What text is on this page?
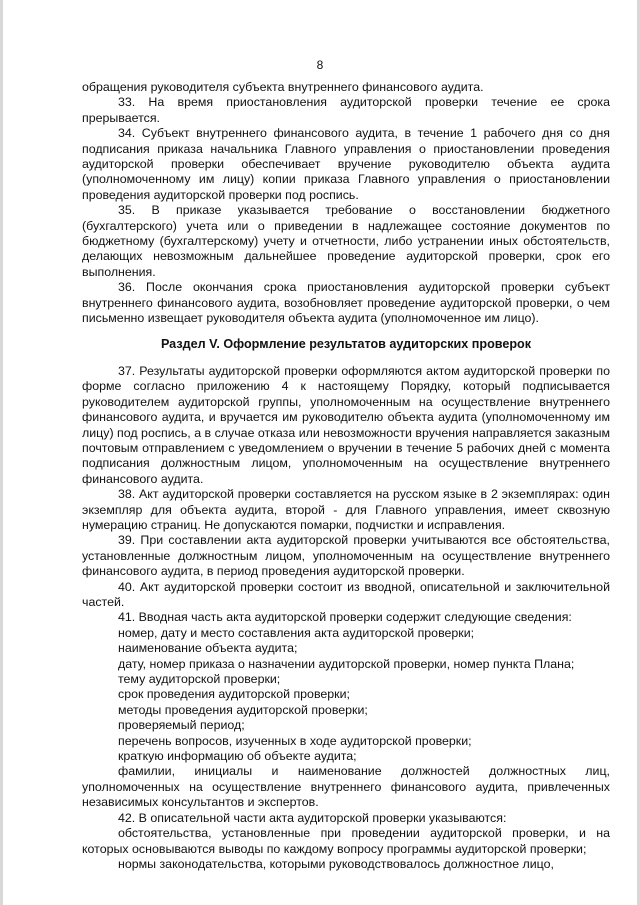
8

обращения руководителя субъекта внутреннего финансового аудита.

33. На время приостановления аудиторской проверки течение ее срока прерывается.

34. Субъект внутреннего финансового аудита, в течение 1 рабочего дня со дня подписания приказа начальника Главного управления о приостановлении проведения аудиторской проверки обеспечивает вручение руководителю объекта аудита (уполномоченному им лицу) копии приказа Главного управления о приостановлении проведения аудиторской проверки под роспись.

35. В приказе указывается требование о восстановлении бюджетного (бухгалтерского) учета или о приведении в надлежащее состояние документов по бюджетному (бухгалтерскому) учету и отчетности, либо устранении иных обстоятельств, делающих невозможным дальнейшее проведение аудиторской проверки, срок его выполнения.

36. После окончания срока приостановления аудиторской проверки субъект внутреннего финансового аудита, возобновляет проведение аудиторской проверки, о чем письменно извещает руководителя объекта аудита (уполномоченное им лицо).

Раздел V. Оформление результатов аудиторских проверок

37. Результаты аудиторской проверки оформляются актом аудиторской проверки по форме согласно приложению 4 к настоящему Порядку, который подписывается руководителем аудиторской группы, уполномоченным на осуществление внутреннего финансового аудита, и вручается им руководителю объекта аудита (уполномоченному им лицу) под роспись, а в случае отказа или невозможности вручения направляется заказным почтовым отправлением с уведомлением о вручении в течение 5 рабочих дней с момента подписания должностным лицом, уполномоченным на осуществление внутреннего финансового аудита.

38. Акт аудиторской проверки составляется на русском языке в 2 экземплярах: один экземпляр для объекта аудита, второй - для Главного управления, имеет сквозную нумерацию страниц. Не допускаются помарки, подчистки и исправления.

39. При составлении акта аудиторской проверки учитываются все обстоятельства, установленные должностным лицом, уполномоченным на осуществление внутреннего финансового аудита, в период проведения аудиторской проверки.

40. Акт аудиторской проверки состоит из вводной, описательной и заключительной частей.

41. Вводная часть акта аудиторской проверки содержит следующие сведения:

номер, дату и место составления акта аудиторской проверки;

наименование объекта аудита;

дату, номер приказа о назначении аудиторской проверки, номер пункта Плана;

тему аудиторской проверки;

срок проведения аудиторской проверки;

методы проведения аудиторской проверки;

проверяемый период;

перечень вопросов, изученных в ходе аудиторской проверки;

краткую информацию об объекте аудита;

фамилии, инициалы и наименование должностей должностных лиц, уполномоченных на осуществление внутреннего финансового аудита, привлеченных независимых консультантов и экспертов.

42. В описательной части акта аудиторской проверки указываются:

обстоятельства, установленные при проведении аудиторской проверки, и на которых основываются выводы по каждому вопросу программы аудиторской проверки;

нормы законодательства, которыми руководствовалось должностное лицо,
